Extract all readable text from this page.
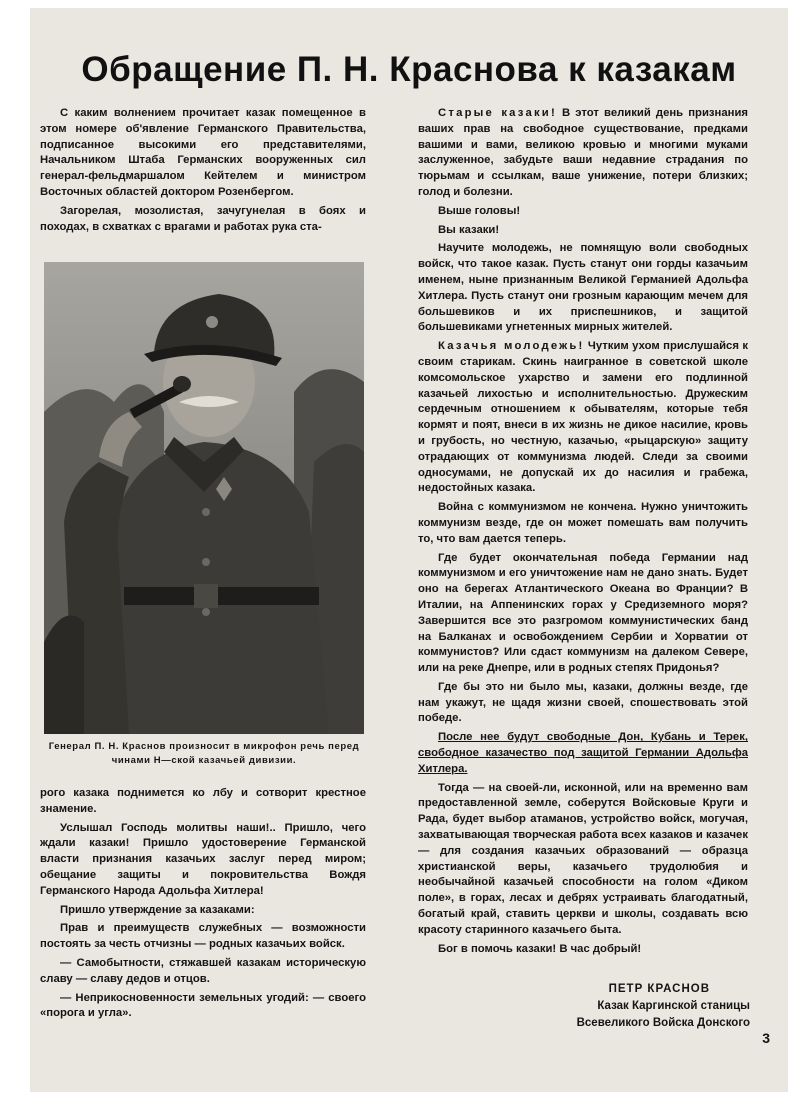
Обращение П. Н. Краснова к казакам

С каким волнением прочитает казак помещенное в этом номере об'явление Германского Правительства, подписанное высокими его представителями, Начальником Штаба Германских вооруженных сил генерал-фельдмаршалом Кейтелем и министром Восточных областей доктором Розенбергом.

Загорелая, мозолистая, зачугунелая в боях и походах, в схватках с врагами и работах рука ста-

Генерал П. Н. Краснов произносит в микрофон речь перед чинами Н—ской казачьей дивизии.

рого казака поднимется ко лбу и сотворит крестное знамение.

Услышал Господь молитвы наши!.. Пришло, чего ждали казаки! Пришло удостоверение Германской власти признания казачьих заслуг перед миром; обещание защиты и покровительства Вождя Германского Народа Адольфа Хитлера!

Пришло утверждение за казаками:

Прав и преимуществ служебных — возможности постоять за честь отчизны — родных казачьих войск.

— Самобытности, стяжавшей казакам историческую славу — славу дедов и отцов.

— Неприкосновенности земельных угодий: — своего «порога и угла».

Старые казаки! В этот великий день признания ваших прав на свободное существование, предками вашими и вами, великою кровью и многими муками заслуженное, забудьте ваши недавние страдания по тюрьмам и ссылкам, ваше унижение, потери близких; голод и болезни.

Выше головы!

Вы казаки!

Научите молодежь, не помнящую воли свободных войск, что такое казак. Пусть станут они горды казачьим именем, ныне признанным Великой Германией Адольфа Хитлера. Пусть станут они грозным карающим мечем для большевиков и их приспешников, и защитой большевиками угнетенных мирных жителей.

Казачья молодежь! Чутким ухом прислушайся к своим старикам. Скинь наигранное в советской школе комсомольское ухарство и замени его подлинной казачьей лихостью и исполнительностью. Дружеским сердечным отношением к обывателям, которые тебя кормят и поят, внеси в их жизнь не дикое насилие, кровь и грубость, но честную, казачью, «рыцарскую» защиту отрадающих от коммунизма людей. Следи за своими односумами, не допускай их до насилия и грабежа, недостойных казака.

Война с коммунизмом не кончена. Нужно уничтожить коммунизм везде, где он может помешать вам получить то, что вам дается теперь.

Где будет окончательная победа Германии над коммунизмом и его уничтожение нам не дано знать. Будет оно на берегах Атлантического Океана во Франции? В Италии, на Аппенинских горах у Средиземного моря? Завершится все это разгромом коммунистических банд на Балканах и освобождением Сербии и Хорватии от коммунистов? Или сдаст коммунизм на далеком Севере, или на реке Днепре, или в родных степях Придонья?

Где бы это ни было мы, казаки, должны везде, где нам укажут, не щадя жизни своей, спошествовать этой победе.

После нее будут свободные Дон, Кубань и Терек, свободное казачество под защитой Германии Адольфа Хитлера.

Тогда — на своей-ли, исконной, или на временно вам предоставленной земле, соберутся Войсковые Круги и Рада, будет выбор атаманов, устройство войск, могучая, захватывающая творческая работа всех казаков и казачек — для создания казачьих образований — образца христианской веры, казачьего трудолюбия и необычайной казачьей способности на голом «Диком поле», в горах, лесах и дебрях устраивать благодатный, богатый край, ставить церкви и школы, создавать всю красоту старинного казачьего быта.

Бог в помочь казаки! В час добрый!

ПЕТР КРАСНОВ
Казак Каргинской станицы
Всевеликого Войска Донского
3
